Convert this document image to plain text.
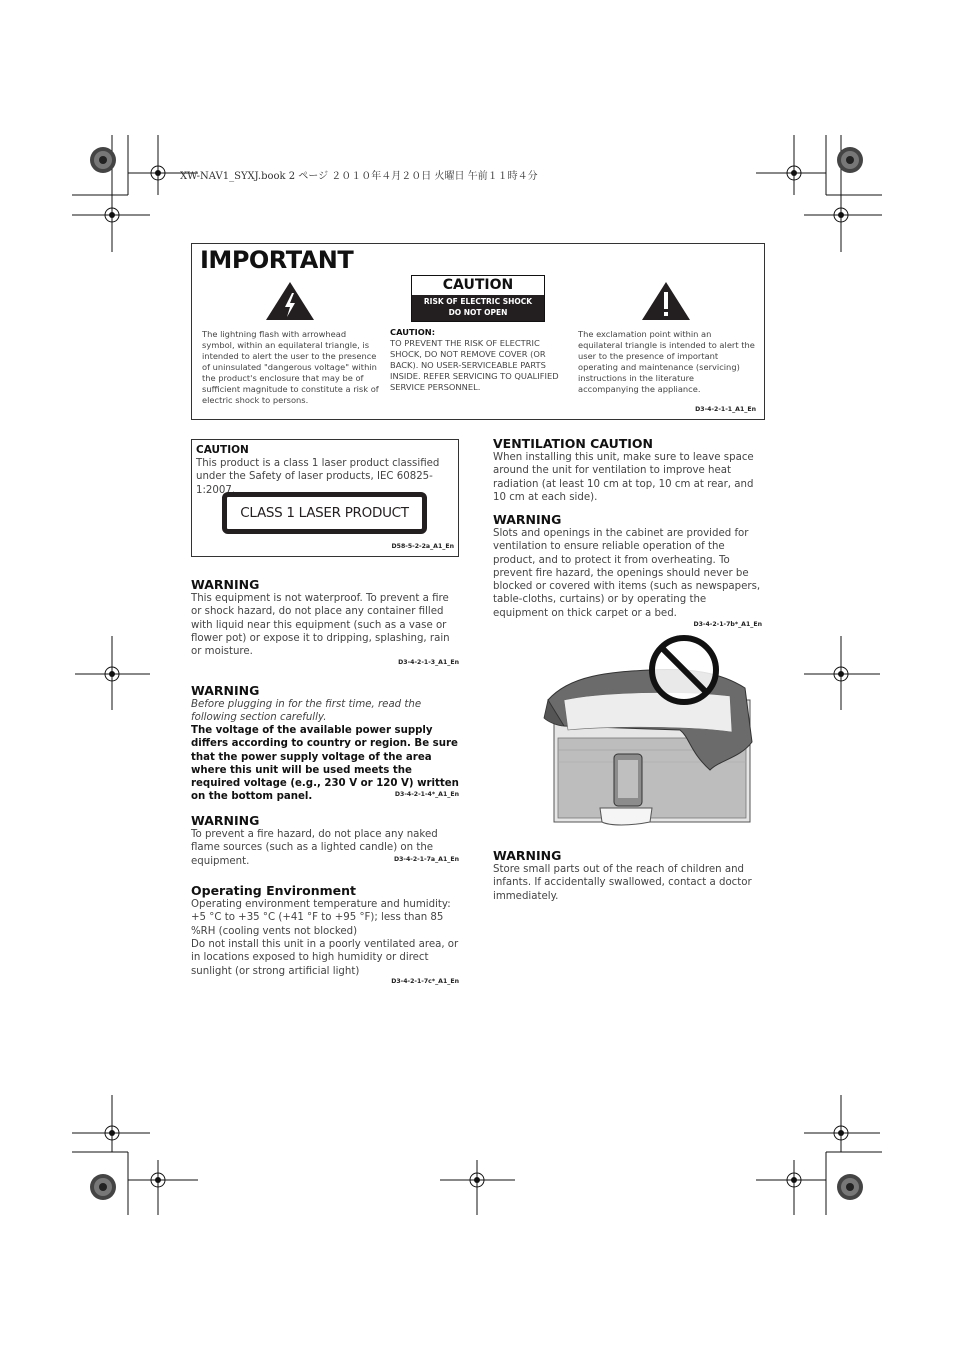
XW-NAV1_SYXJ.book 2 ページ ２０１０年４月２０日 火曜日 午前１１時４分
IMPORTANT
The lightning flash with arrowhead symbol, within an equilateral triangle, is intended to alert the user to the presence of uninsulated "dangerous voltage" within the product's enclosure that may be of sufficient magnitude to constitute a risk of electric shock to persons.
CAUTION
RISK OF ELECTRIC SHOCK
DO NOT OPEN
CAUTION:
TO PREVENT THE RISK OF ELECTRIC SHOCK, DO NOT REMOVE COVER (OR BACK). NO USER-SERVICEABLE PARTS INSIDE. REFER SERVICING TO QUALIFIED SERVICE PERSONNEL.
The exclamation point within an equilateral triangle is intended to alert the user to the presence of important operating and maintenance (servicing) instructions in the literature accompanying the appliance.
D3-4-2-1-1_A1_En
CAUTION
This product is a class 1 laser product classified under the Safety of laser products, IEC 60825-1:2007.
CLASS 1 LASER PRODUCT
D58-5-2-2a_A1_En
WARNING
This equipment is not waterproof. To prevent a fire or shock hazard, do not place any container filled with liquid near this equipment (such as a vase or flower pot) or expose it to dripping, splashing, rain or moisture.
D3-4-2-1-3_A1_En
WARNING
Before plugging in for the first time, read the following section carefully.
The voltage of the available power supply differs according to country or region. Be sure that the power supply voltage of the area where this unit will be used meets the required voltage (e.g., 230 V or 120 V) written on the bottom panel.	D3-4-2-1-4*_A1_En
WARNING
To prevent a fire hazard, do not place any naked flame sources (such as a lighted candle) on the equipment.	D3-4-2-1-7a_A1_En
Operating Environment
Operating environment temperature and humidity: +5 °C to +35 °C (+41 °F to +95 °F); less than 85 %RH (cooling vents not blocked)
Do not install this unit in a poorly ventilated area, or in locations exposed to high humidity or direct sunlight (or strong artificial light)
D3-4-2-1-7c*_A1_En
VENTILATION CAUTION
When installing this unit, make sure to leave space around the unit for ventilation to improve heat radiation (at least 10 cm at top, 10 cm at rear, and 10 cm at each side).
WARNING
Slots and openings in the cabinet are provided for ventilation to ensure reliable operation of the product, and to protect it from overheating. To prevent fire hazard, the openings should never be blocked or covered with items (such as newspapers, table-cloths, curtains) or by operating the equipment on thick carpet or a bed.
D3-4-2-1-7b*_A1_En
WARNING
Store small parts out of the reach of children and infants. If accidentally swallowed, contact a doctor immediately.
